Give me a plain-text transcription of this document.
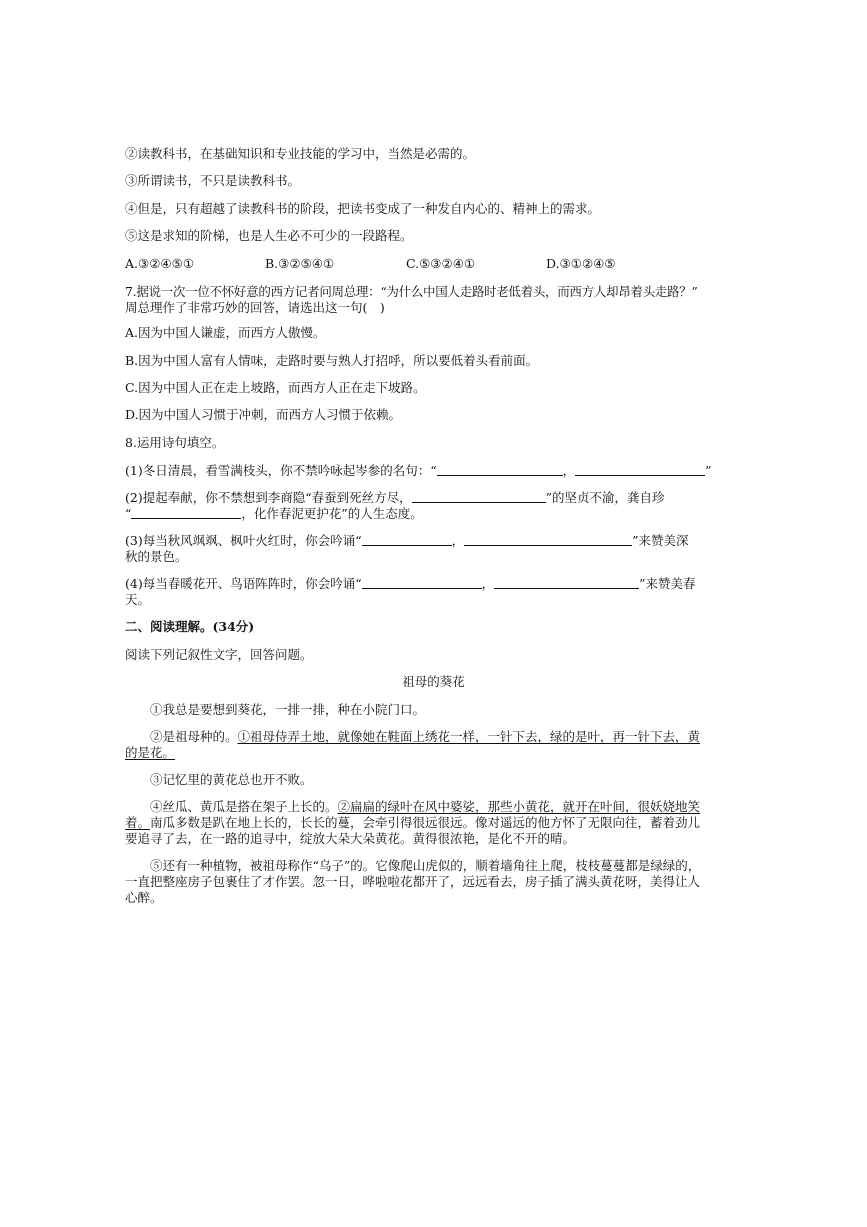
②读教科书，在基础知识和专业技能的学习中，当然是必需的。
③所谓读书，不只是读教科书。
④但是，只有超越了读教科书的阶段，把读书变成了一种发自内心的、精神上的需求。
⑤这是求知的阶梯，也是人生必不可少的一段路程。
A.③②④⑤①	B.③②⑤④①	C.⑤③②④①	D.③①②④⑤
7.据说一次一位不怀好意的西方记者问周总理：“为什么中国人走路时老低着头，而西方人却昂着头走路？”
周总理作了非常巧妙的回答，请选出这一句(　)
A.因为中国人谦虚，而西方人傲慢。
B.因为中国人富有人情味，走路时要与熟人打招呼，所以要低着头看前面。
C.因为中国人正在走上坡路，而西方人正在走下坡路。
D.因为中国人习惯于冲刺，而西方人习惯于依赖。
8.运用诗句填空。
(1)冬日清晨，看雪满枝头，你不禁吟咏起岑参的名句：“	，	”
(2)提起奉献，你不禁想到李商隐“春蚕到死丝方尽，	”的坚贞不渝，龚自珍
“	，化作春泥更护花”的人生态度。
(3)每当秋风飒飒、枫叶火红时，你会吟诵“	，	”来赞美深
秋的景色。
(4)每当春暖花开、鸟语阵阵时，你会吟诵“	，	”来赞美春
天。
二、阅读理解。(34分)
阅读下列记叙性文字，回答问题。
祖母的葵花
①我总是要想到葵花，一排一排，种在小院门口。
②是祖母种的。①祖母侍弄土地，就像她在鞋面上绣花一样，一针下去，绿的是叶，再一针下去，黄
的是花。
③记忆里的黄花总也开不败。
④丝瓜、黄瓜是搭在架子上长的。②扁扁的绿叶在风中婆娑，那些小黄花，就开在叶间，很妖娆地笑
着。南瓜多数是趴在地上长的，长长的蔓，会牵引得很远很远。像对遥远的他方怀了无限向往，蓄着劲儿
要追寻了去，在一路的追寻中，绽放大朵大朵黄花。黄得很浓艳，是化不开的晴。
⑤还有一种植物，被祖母称作“乌子”的。它像爬山虎似的，顺着墙角往上爬，枝枝蔓蔓都是绿绿的，
一直把整座房子包裹住了才作罢。忽一日，哗啦啦花都开了，远远看去，房子插了满头黄花呀，美得让人
心醉。
